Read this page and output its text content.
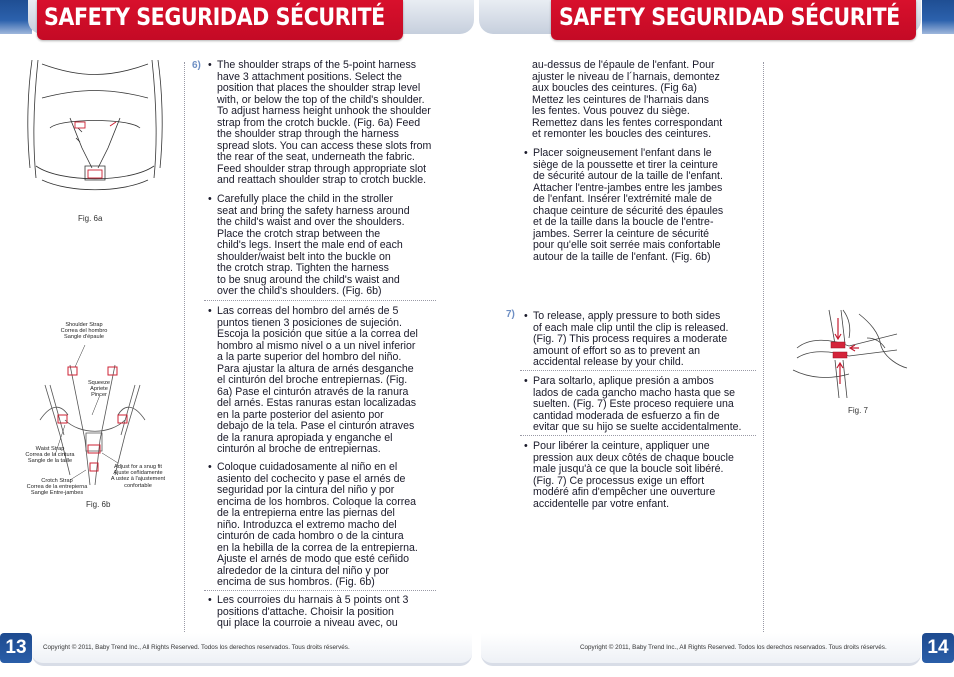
SAFETY SEGURIDAD SÉCURITÉ
Fig. 6a
Shoulder Strap
Correa del hombro
Sangle d'épaule
Squeeze
Apriete
Pincer
Waist Strap
Correa de la cintura
Sangle de la taille
Adjust for a snug fit
Ajuste ceñidamente
A ustez à l'ajustement
confortable
Crotch Strap
Correa de la entrepierna
Sangle Entre-jambes
Fig. 6b
6) • The shoulder straps of the 5-point harness
have 3 attachment positions. Select the
position that places the shoulder strap level
with, or below the top of the child's shoulder.
To adjust harness height unhook the shoulder
strap from the crotch buckle. (Fig. 6a) Feed
the shoulder strap through the harness
spread slots. You can access these slots from
the rear of the seat, underneath the fabric.
Feed shoulder strap through appropriate slot
and reattach shoulder strap to crotch buckle.
• Carefully place the child in the stroller
seat and bring the safety harness around
the child's waist and over the shoulders.
Place the crotch strap between the
child's legs. Insert the male end of each
shoulder/waist belt into the buckle on
the crotch strap. Tighten the harness
to be snug around the child's waist and
over the child's shoulders. (Fig. 6b)
• Las correas del hombro del arnés de 5
puntos tienen 3 posiciones de sujeción.
Escoja la posición que sitúe a la correa del
hombro al mismo nivel o a un nivel inferior
a la parte superior del hombro del niño.
Para ajustar la altura de arnés desganche
el cinturón del broche entrepiernas. (Fig.
6a) Pase el cinturón através de la ranura
del arnés. Estas ranuras estan localizadas
en la parte posterior del asiento por
debajo de la tela. Pase el cinturón atraves
de la ranura apropiada y enganche el
cinturón al broche de entrepiernas.
• Coloque cuidadosamente al niño en el
asiento del cochecito y pase el arnés de
seguridad por la cintura del niño y por
encima de los hombros. Coloque la correa
de la entrepierna entre las piernas del
niño. Introduzca el extremo macho del
cinturón de cada hombro o de la cintura
en la hebilla de la correa de la entrepierna.
Ajuste el arnés de modo que esté ceñido
alrededor de la cintura del niño y por
encima de sus hombros. (Fig. 6b)
• Les courroies du harnais à 5 points ont 3
positions d'attache. Choisir la position
qui place la courroie a niveau avec, ou
13	Copyright © 2011, Baby Trend Inc., All Rights Reserved. Todos los derechos reservados. Tous droits réservés.
SAFETY SEGURIDAD SÉCURITÉ
au-dessus de l'épaule de l'enfant. Pour
ajuster le niveau de l´harnais, demontez
aux boucles des ceintures. (Fig 6a)
Mettez les ceintures de l'harnais dans
les fentes. Vous pouvez du siège.
Remettez dans les fentes correspondant
et remonter les boucles des ceintures.
• Placer soigneusement l'enfant dans le
siège de la poussette et tirer la ceinture
de sécurité autour de la taille de l'enfant.
Attacher l'entre-jambes entre les jambes
de l'enfant. Insérer l'extrémité male de
chaque ceinture de sécurité des épaules
et de la taille dans la boucle de l'entre-
jambes. Serrer la ceinture de sécurité
pour qu'elle soit serrée mais confortable
autour de la taille de l'enfant. (Fig. 6b)
7) • To release, apply pressure to both sides
of each male clip until the clip is released.
(Fig. 7) This process requires a moderate
amount of effort so as to prevent an
accidental release by your child.
• Para soltarlo, aplique presión a ambos
lados de cada gancho macho hasta que se
suelten. (Fig. 7) Este proceso requiere una
cantidad moderada de esfuerzo a fin de
evitar que su hijo se suelte accidentalmente.
• Pour libérer la ceinture, appliquer une
pression aux deux côtés de chaque boucle
male jusqu'à ce que la boucle soit libéré.
(Fig. 7) Ce processus exige un effort
modéré afin d'empêcher une ouverture
accidentelle par votre enfant.
Fig. 7
Copyright © 2011, Baby Trend Inc., All Rights Reserved. Todos los derechos reservados. Tous droits réservés. 14
